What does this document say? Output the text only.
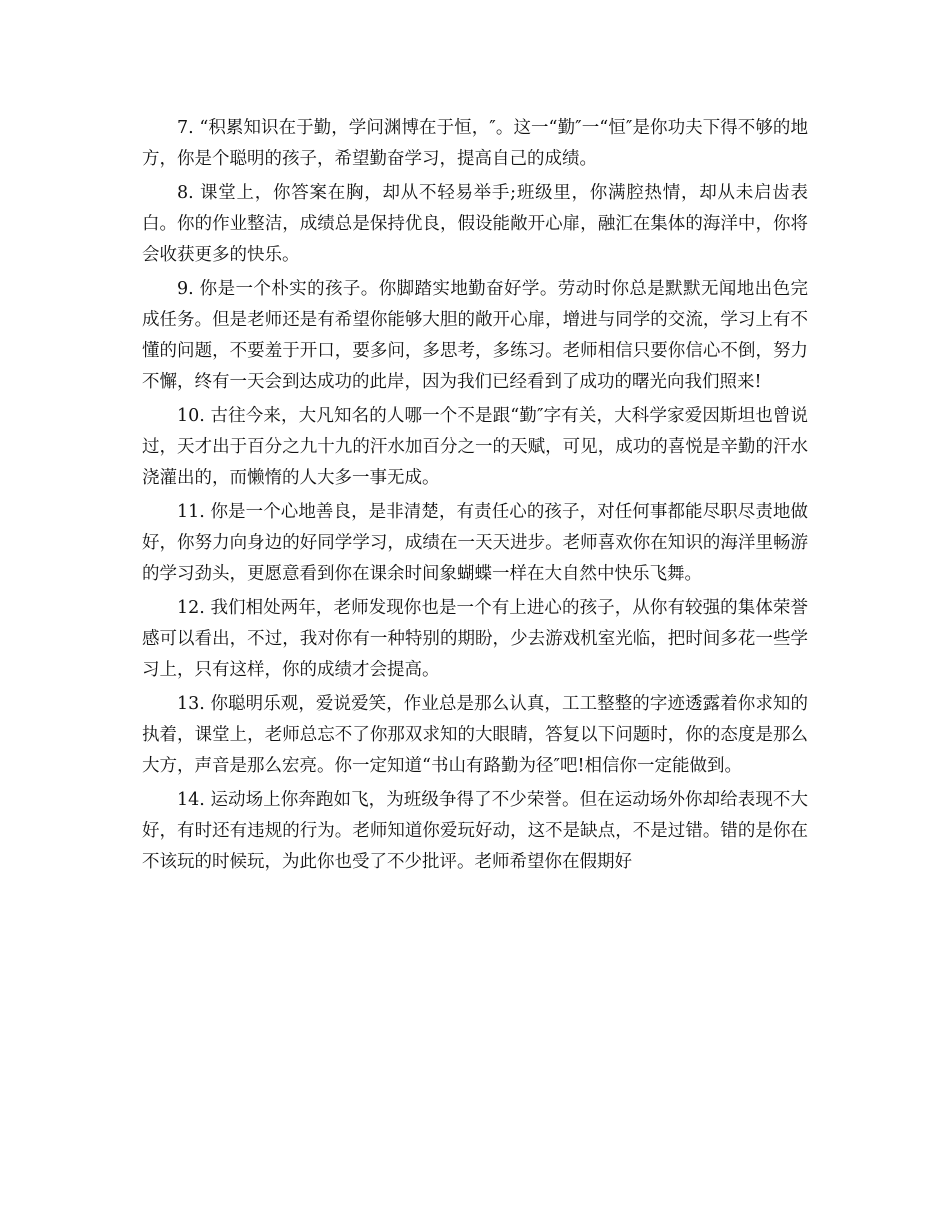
7. “积累知识在于勤，学问渊博在于恒，″。这一“勤″一“恒″是你功夫下得不够的地方，你是个聪明的孩子，希望勤奋学习，提高自己的成绩。

8. 课堂上，你答案在胸，却从不轻易举手;班级里，你满腔热情，却从未启齿表白。你的作业整洁，成绩总是保持优良，假设能敞开心扉，融汇在集体的海洋中，你将会收获更多的快乐。

9. 你是一个朴实的孩子。你脚踏实地勤奋好学。劳动时你总是默默无闻地出色完成任务。但是老师还是有希望你能够大胆的敞开心扉，增进与同学的交流，学习上有不懂的问题，不要羞于开口，要多问，多思考，多练习。老师相信只要你信心不倒，努力不懈，终有一天会到达成功的此岸，因为我们已经看到了成功的曙光向我们照来!

10. 古往今来，大凡知名的人哪一个不是跟“勤″字有关，大科学家爱因斯坦也曾说过，天才出于百分之九十九的汗水加百分之一的天赋，可见，成功的喜悦是辛勤的汗水浇灌出的，而懒惰的人大多一事无成。

11. 你是一个心地善良，是非清楚，有责任心的孩子，对任何事都能尽职尽责地做好，你努力向身边的好同学学习，成绩在一天天进步。老师喜欢你在知识的海洋里畅游的学习劲头，更愿意看到你在课余时间象蝴蝶一样在大自然中快乐飞舞。

12. 我们相处两年，老师发现你也是一个有上进心的孩子，从你有较强的集体荣誉感可以看出，不过，我对你有一种特别的期盼，少去游戏机室光临，把时间多花一些学习上，只有这样，你的成绩才会提高。

13. 你聪明乐观，爱说爱笑，作业总是那么认真，工工整整的字迹透露着你求知的执着，课堂上，老师总忘不了你那双求知的大眼睛，答复以下问题时，你的态度是那么大方，声音是那么宏亮。你一定知道“书山有路勤为径″吧!相信你一定能做到。

14. 运动场上你奔跑如飞，为班级争得了不少荣誉。但在运动场外你却给表现不大好，有时还有违规的行为。老师知道你爱玩好动，这不是缺点，不是过错。错的是你在不该玩的时候玩，为此你也受了不少批评。老师希望你在假期好
